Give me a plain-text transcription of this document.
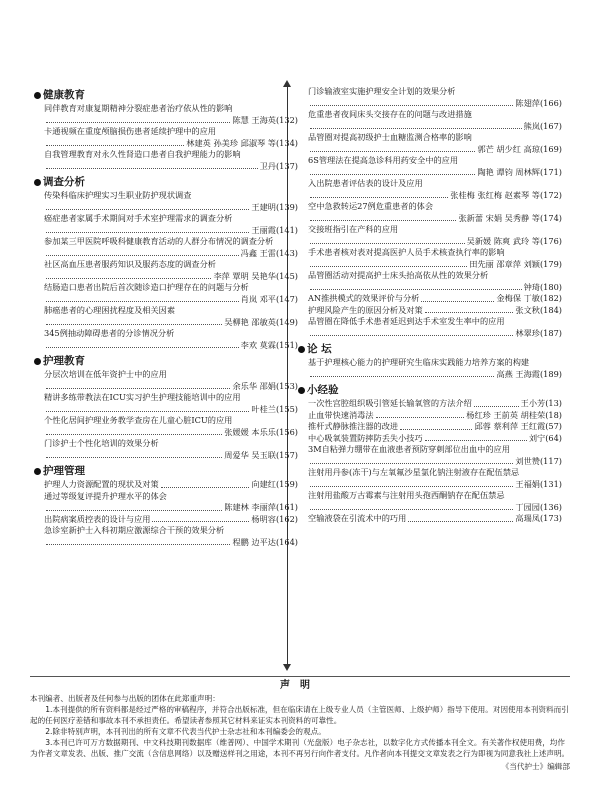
健康教育
同伴教育对康复期精神分裂症患者治疗依从性的影响
陈慧 王海英(132)
卡通视频在重度颅脑损伤患者延续护理中的应用
林建英 孙美珍 邱淑琴 等(134)
自我管理教育对永久性肾造口患者自我护理能力的影响
卫丹(137)
调查分析
传染科临床护理实习生职业防护现状调查
王建明(139)
癌症患者家属手术期间对手术室护理需求的调查分析
王丽霞(141)
参加某三甲医院呼吸科健康教育活动的人群分布情况的调查分析
冯鑫 王雷(143)
社区高血压患者服药知识及服药态度的调查分析
李萍 覃明 吴艳华(145)
结肠造口患者出院后首次随诊造口护理存在的问题与分析
肖岚 邓平(147)
肺癌患者的心理困扰程度及相关因素
吴柳艳 邵敏英(149)
345例抽动障碍患者的分诊情况分析
李欢 莫霖(151)
护理教育
分层次培训在低年资护士中的应用
余乐华 邵娟(153)
精讲多练带教法在ICU实习护生护理技能培训中的应用
叶桂兰(155)
个性化居间护理业务教学查房在儿童心脏ICU的应用
张媛媛 本乐乐(156)
门诊护士个性化培训的效果分析
周爱华 吴玉联(157)
护理管理
护理人力资源配置的现状及对策	向建红(159)
通过等级复评提升护理水平的体会
陈建林 李丽萍(161)
出院病案质控表的设计与应用	杨明容(162)
急诊室新护士入科初期应激源综合干预的效果分析
程鹏 边平达(164)
门诊输液室实施护理安全计划的效果分析
陈翅萍(166)
危重患者夜间床头交接存在的问题与改进措施
熊岚(167)
品管圈对提高初级护士血糖监测合格率的影响
郭芒 胡少红 高琼(169)
6S管理法在提高急诊科用药安全中的应用
陶艳 谭钧 周林辉(171)
入出院患者评估表的设计及应用
张桂梅 张红梅 赵素琴 等(172)
空中急救转运27例危重患者的体会
张新蕾 宋娟 吴秀静 等(174)
交接班指引在产科的应用
吴新媛 陈爽 武玲 等(176)
手术患者核对表对提高医护人员手术核查执行率的影响
田先丽 邵章萍 刘颖(179)
品管圈活动对提高护士床头抬高依从性的效果分析
钟琦(180)
AN推拱模式的效果评价与分析	金梅保 丁敏(182)
护理风险产生的原因分析及对策	张文秋(184)
品管圈在降低手术患者延迟到达手术室发生率中的应用
林翠珍(187)
论 坛
基于护理核心能力的护理研究生临床实践能力培养方案的构建
高燕 王海霞(189)
小经验
一次性宫腔组织吸引管延长输氧管的方法介绍	王小芳(13)
止血带快速消毒法	杨红珍 王前英 胡桂荣(18)
推杆式静脉推注器的改进	邱蓉 蔡利萍 王红霞(57)
中心吸氧装置防摔防丢失小技巧	刘宁(64)
3M自粘弹力绷带在血液患者预防穿刺部位出血中的应用
刘世赞(117)
注射用丹参(冻干)与左氧氟沙星氯化钠注射液存在配伍禁忌
王福娟(131)
注射用盐酸万古霉素与注射用头孢西酮钠存在配伍禁忌
丁园园(136)
空输液袋在引流术中的巧用	高瑞凤(173)
声明

本刊编者、出版者及任何参与出版的团体在此郑重声明：

1.本刊提供的所有资料都是经过严格的审稿程序，并符合出版标准，但在临床请在上级专业人员（主管医师、上级护师）指导下使用。对因使用本刊资料而引起的任何医疗差错和事故本刊不承担责任。希望读者参照其它材料来证实本刊资料的可靠性。

2.除非特别声明，本刊刊出的所有文章不代表当代护士杂志社和本刊编委会的观点。

3.本刊已许可万方数据期刊、中文科技期刊数据库（维普网）、中国学术期刊（光盘版）电子杂志社，以数字化方式传播本刊全文。有关著作权使用费，均作为作者文章发表、出版、推广交流（含信息网络）以及赠送样刊之用途，本刊不再另行向作者支付。凡作者向本刊提交文章发表之行为即视为同意我社上述声明。

《当代护士》编辑部
